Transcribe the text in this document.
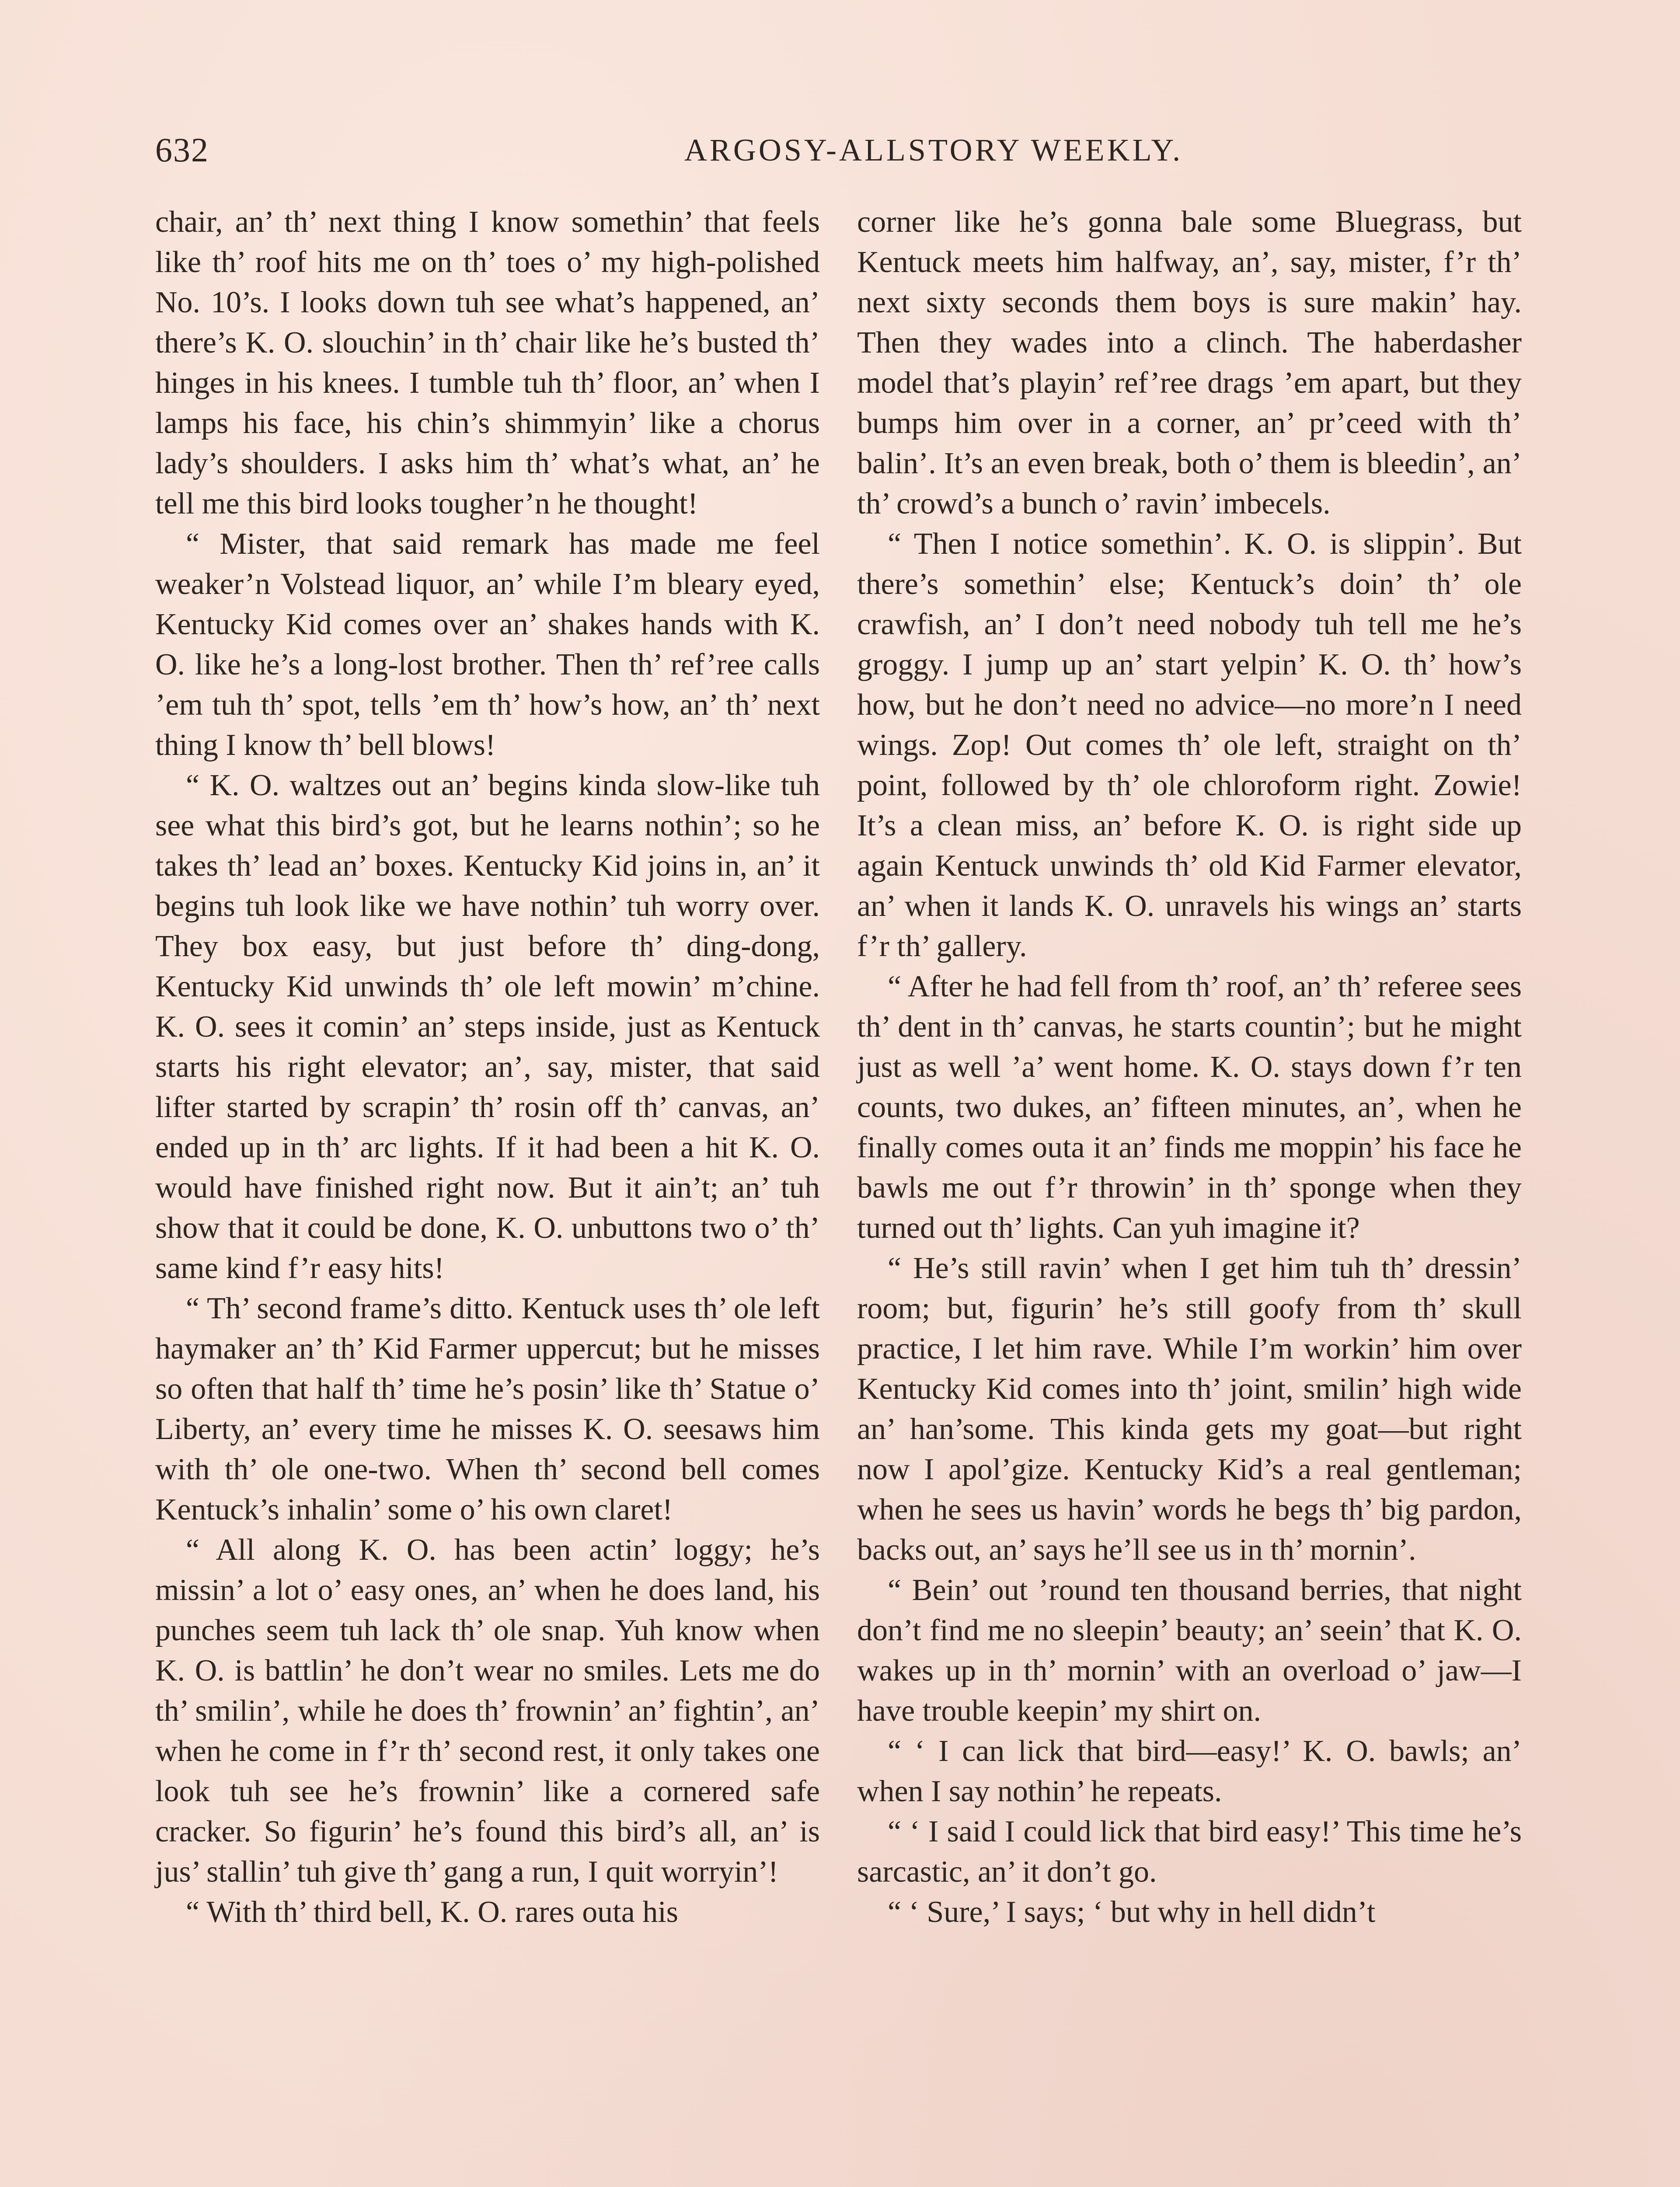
632	ARGOSY-ALLSTORY WEEKLY.

chair, an’ th’ next thing I know somethin’ that feels like th’ roof hits me on th’ toes o’ my high-polished No. 10’s. I looks down tuh see what’s happened, an’ there’s K. O. slouchin’ in th’ chair like he’s busted th’ hinges in his knees. I tumble tuh th’ floor, an’ when I lamps his face, his chin’s shimmyin’ like a chorus lady’s shoulders. I asks him th’ what’s what, an’ he tell me this bird looks tougher’n he thought!

“ Mister, that said remark has made me feel weaker’n Volstead liquor, an’ while I’m bleary eyed, Kentucky Kid comes over an’ shakes hands with K. O. like he’s a long-lost brother. Then th’ ref’ree calls ’em tuh th’ spot, tells ’em th’ how’s how, an’ th’ next thing I know th’ bell blows!

“ K. O. waltzes out an’ begins kinda slow-like tuh see what this bird’s got, but he learns nothin’; so he takes th’ lead an’ boxes. Kentucky Kid joins in, an’ it begins tuh look like we have nothin’ tuh worry over. They box easy, but just before th’ ding-dong, Kentucky Kid unwinds th’ ole left mowin’ m’chine. K. O. sees it comin’ an’ steps inside, just as Kentuck starts his right elevator; an’, say, mister, that said lifter started by scrapin’ th’ rosin off th’ canvas, an’ ended up in th’ arc lights. If it had been a hit K. O. would have finished right now. But it ain’t; an’ tuh show that it could be done, K. O. unbuttons two o’ th’ same kind f’r easy hits!

“ Th’ second frame’s ditto. Kentuck uses th’ ole left haymaker an’ th’ Kid Farmer uppercut; but he misses so often that half th’ time he’s posin’ like th’ Statue o’ Liberty, an’ every time he misses K. O. seesaws him with th’ ole one-two. When th’ second bell comes Kentuck’s inhalin’ some o’ his own claret!

“ All along K. O. has been actin’ loggy; he’s missin’ a lot o’ easy ones, an’ when he does land, his punches seem tuh lack th’ ole snap. Yuh know when K. O. is battlin’ he don’t wear no smiles. Lets me do th’ smilin’, while he does th’ frownin’ an’ fightin’, an’ when he come in f’r th’ second rest, it only takes one look tuh see he’s frownin’ like a cornered safe cracker. So figurin’ he’s found this bird’s all, an’ is jus’ stallin’ tuh give th’ gang a run, I quit worryin’!

“ With th’ third bell, K. O. rares outa his

corner like he’s gonna bale some Bluegrass, but Kentuck meets him halfway, an’, say, mister, f’r th’ next sixty seconds them boys is sure makin’ hay. Then they wades into a clinch. The haberdasher model that’s playin’ ref’ree drags ’em apart, but they bumps him over in a corner, an’ pr’ceed with th’ balin’. It’s an even break, both o’ them is bleedin’, an’ th’ crowd’s a bunch o’ ravin’ imbecels.

“ Then I notice somethin’. K. O. is slippin’. But there’s somethin’ else; Kentuck’s doin’ th’ ole crawfish, an’ I don’t need nobody tuh tell me he’s groggy. I jump up an’ start yelpin’ K. O. th’ how’s how, but he don’t need no advice—no more’n I need wings. Zop! Out comes th’ ole left, straight on th’ point, followed by th’ ole chloroform right. Zowie! It’s a clean miss, an’ before K. O. is right side up again Kentuck unwinds th’ old Kid Farmer elevator, an’ when it lands K. O. unravels his wings an’ starts f’r th’ gallery.

“ After he had fell from th’ roof, an’ th’ referee sees th’ dent in th’ canvas, he starts countin’; but he might just as well ’a’ went home. K. O. stays down f’r ten counts, two dukes, an’ fifteen minutes, an’, when he finally comes outa it an’ finds me moppin’ his face he bawls me out f’r throwin’ in th’ sponge when they turned out th’ lights. Can yuh imagine it?

“ He’s still ravin’ when I get him tuh th’ dressin’ room; but, figurin’ he’s still goofy from th’ skull practice, I let him rave. While I’m workin’ him over Kentucky Kid comes into th’ joint, smilin’ high wide an’ han’some. This kinda gets my goat—but right now I apol’gize. Kentucky Kid’s a real gentleman; when he sees us havin’ words he begs th’ big pardon, backs out, an’ says he’ll see us in th’ mornin’.

“ Bein’ out ’round ten thousand berries, that night don’t find me no sleepin’ beauty; an’ seein’ that K. O. wakes up in th’ mornin’ with an overload o’ jaw—I have trouble keepin’ my shirt on.

“ ‘ I can lick that bird—easy!’ K. O. bawls; an’ when I say nothin’ he repeats.

“ ‘ I said I could lick that bird easy!’ This time he’s sarcastic, an’ it don’t go.

“ ‘ Sure,’ I says; ‘ but why in hell didn’t
